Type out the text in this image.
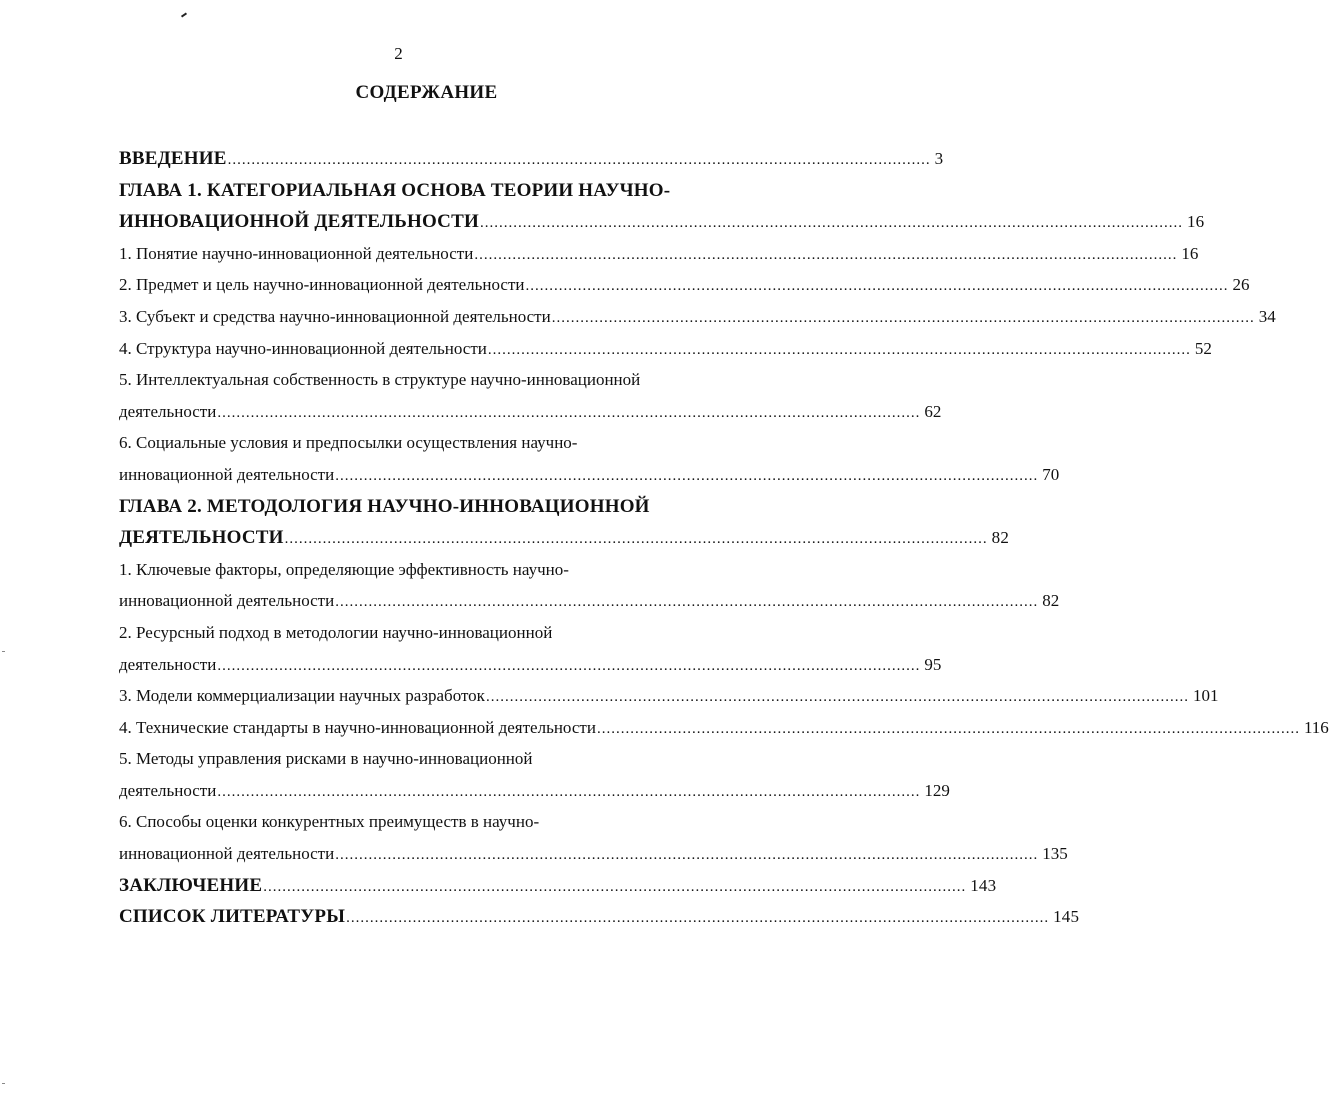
2
СОДЕРЖАНИЕ
ВВЕДЕНИЕ .................................................................................................................................................... 3
ГЛАВА 1. КАТЕГОРИАЛЬНАЯ ОСНОВА ТЕОРИИ НАУЧНО-
ИННОВАЦИОННОЙ ДЕЯТЕЛЬНОСТИ .................................................................................................................................................... 16
1. Понятие научно-инновационной деятельности .................................................................................................................................................... 16
2. Предмет и цель научно-инновационной деятельности .................................................................................................................................................... 26
3. Субъект и средства научно-инновационной деятельности .................................................................................................................................................... 34
4. Структура научно-инновационной деятельности .................................................................................................................................................... 52
5. Интеллектуальная собственность в структуре научно-инновационной
деятельности .................................................................................................................................................... 62
6. Социальные условия и предпосылки осуществления научно-
инновационной деятельности .................................................................................................................................................... 70
ГЛАВА 2. МЕТОДОЛОГИЯ НАУЧНО-ИННОВАЦИОННОЙ
ДЕЯТЕЛЬНОСТИ .................................................................................................................................................... 82
1. Ключевые факторы, определяющие эффективность научно-
инновационной деятельности .................................................................................................................................................... 82
2. Ресурсный подход в методологии научно-инновационной
деятельности .................................................................................................................................................... 95
3. Модели коммерциализации научных разработок .................................................................................................................................................... 101
4. Технические стандарты в научно-инновационной деятельности .................................................................................................................................................... 116
5. Методы управления рисками в научно-инновационной
деятельности .................................................................................................................................................... 129
6. Способы оценки конкурентных преимуществ в научно-
инновационной деятельности .................................................................................................................................................... 135
ЗАКЛЮЧЕНИЕ .................................................................................................................................................... 143
СПИСОК ЛИТЕРАТУРЫ .................................................................................................................................................... 145
